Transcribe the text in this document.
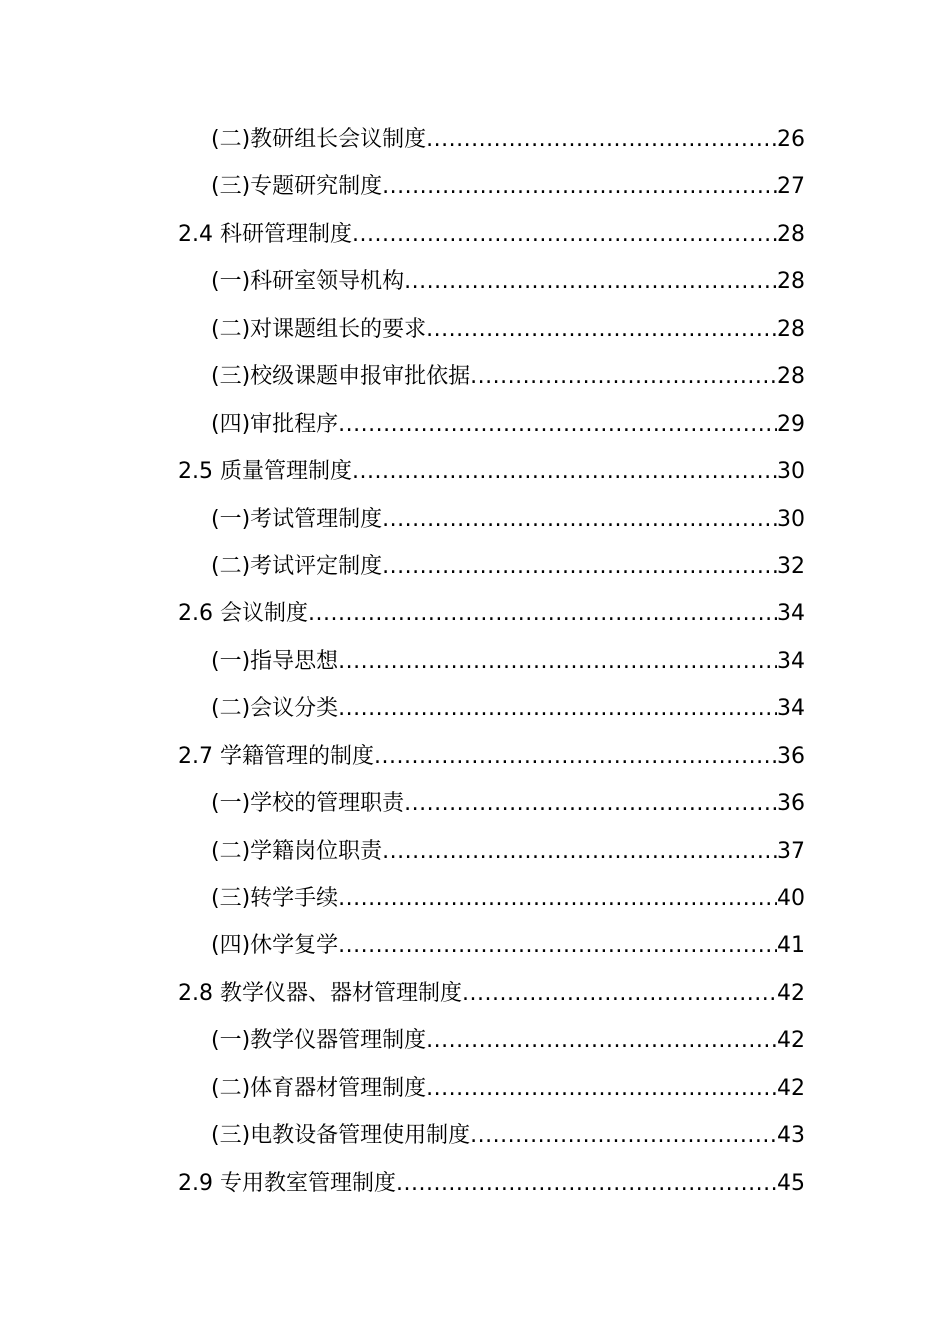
(二)教研组长会议制度 .....	26
(三)专题研究制度 .....	27
2.4 科研管理制度 .....	28
(一)科研室领导机构 .....	28
(二)对课题组长的要求 .....	28
(三)校级课题申报审批依据 .....	28
(四)审批程序 .....	29
2.5 质量管理制度 .....	30
(一)考试管理制度 .....	30
(二)考试评定制度 .....	32
2.6 会议制度 .....	34
(一)指导思想 .....	34
(二)会议分类 .....	34
2.7 学籍管理的制度 .....	36
(一)学校的管理职责 .....	36
(二)学籍岗位职责 .....	37
(三)转学手续 .....	40
(四)休学复学 .....	41
2.8 教学仪器、器材管理制度 .....	42
(一)教学仪器管理制度 .....	42
(二)体育器材管理制度 .....	42
(三)电教设备管理使用制度 .....	43
2.9 专用教室管理制度 .....	45
